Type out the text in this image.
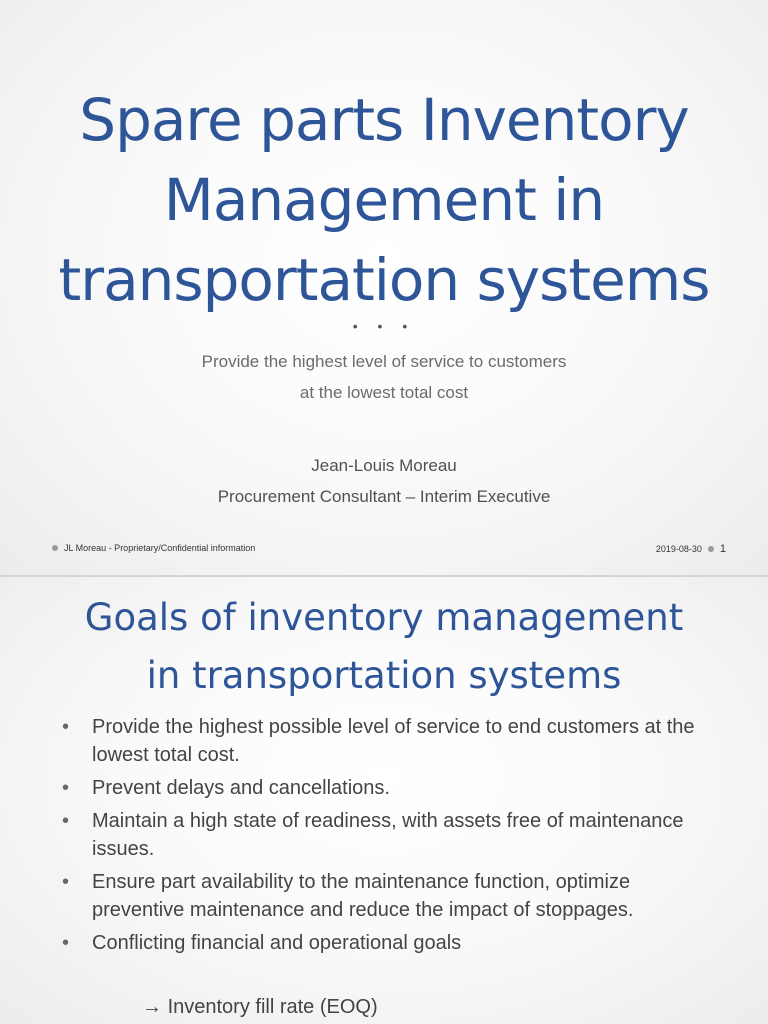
Spare parts Inventory Management in transportation systems
• • •
Provide the highest level of service to customers
at the lowest total cost
Jean-Louis Moreau
Procurement Consultant – Interim Executive
JL Moreau - Proprietary/Confidential information	2019-08-30 1
Goals of inventory management
in transportation systems
• Provide the highest possible level of service to end customers at the lowest total cost.
• Prevent delays and cancellations.
• Maintain a high state of readiness, with assets free of maintenance issues.
• Ensure part availability to the maintenance function, optimize preventive maintenance and reduce the impact of stoppages.
• Conflicting financial and operational goals
→ Inventory fill rate (EOQ)
